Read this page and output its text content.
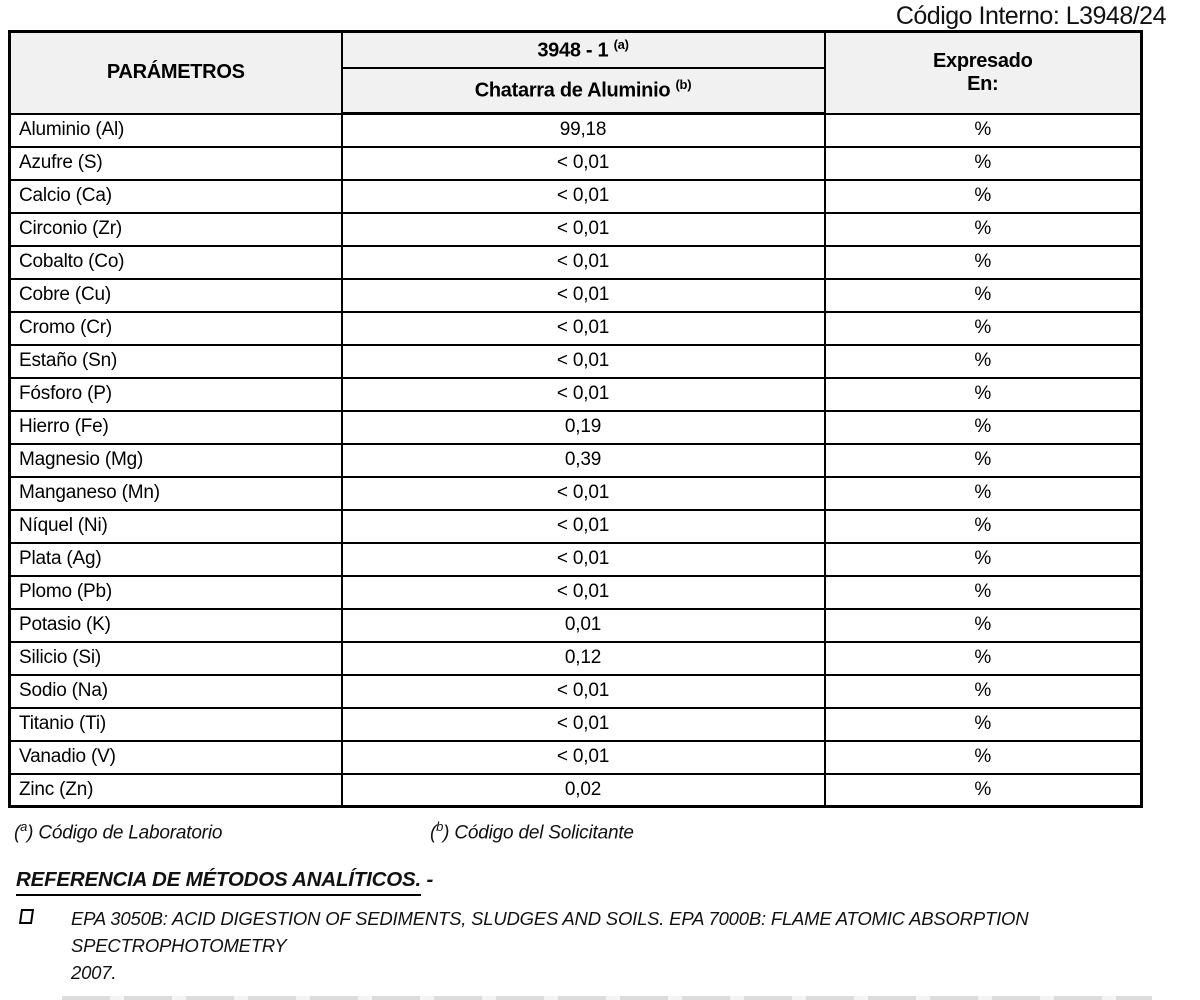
Código Interno: L3948/24
PARÁMETROS	3948 - 1 $^{(a)}$	Expresado
En:

	Chatarra de Aluminio $^{(b)}$
Aluminio (Al)	99,18	%
Azufre (S)	< 0,01	%
Calcio (Ca)	< 0,01	%
Circonio (Zr)	< 0,01	%
Cobalto (Co)	< 0,01	%
Cobre (Cu)	< 0,01	%
Cromo (Cr)	< 0,01	%
Estaño (Sn)	< 0,01	%
Fósforo (P)	< 0,01	%
Hierro (Fe)	0,19	%
Magnesio (Mg)	0,39	%
Manganeso (Mn)	< 0,01	%
Níquel (Ni)	< 0,01	%
Plata (Ag)	< 0,01	%
Plomo (Pb)	< 0,01	%
Potasio (K)	0,01	%
Silicio (Si)	0,12	%
Sodio (Na)	< 0,01	%
Titanio (Ti)	< 0,01	%
Vanadio (V)	< 0,01	%
Zinc (Zn)	0,02	%
($^a$) Código de Laboratorio	($^b$) Código del Solicitante
REFERENCIA DE MÉTODOS ANALÍTICOS. -
EPA 3050B: ACID DIGESTION OF SEDIMENTS, SLUDGES AND SOILS. EPA 7000B: FLAME ATOMIC ABSORPTION SPECTROPHOTOMETRY
2007.
